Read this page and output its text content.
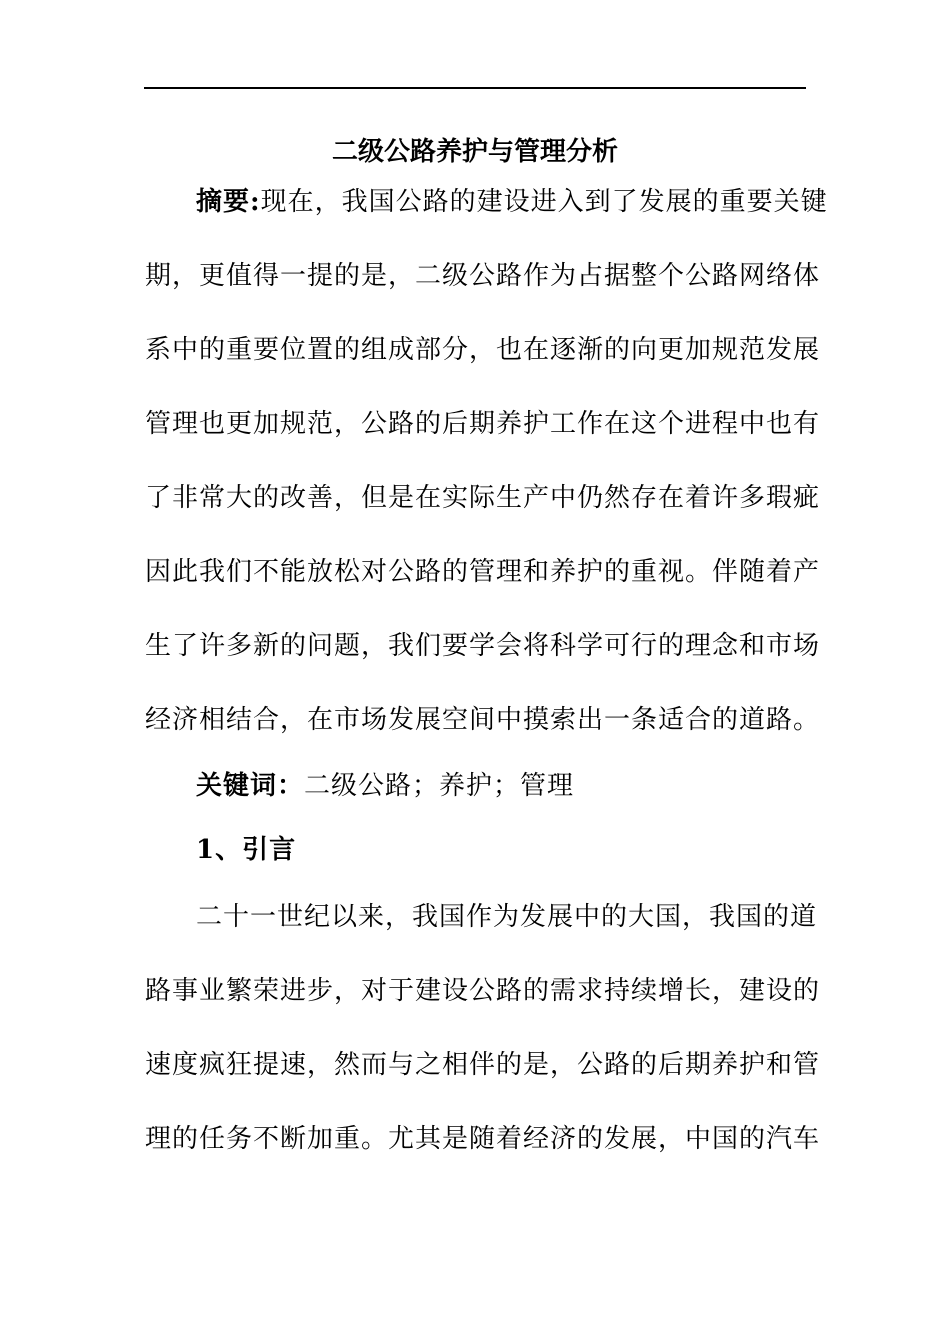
二级公路养护与管理分析
摘要:现在，我国公路的建设进入到了发展的重要关键
期，更值得一提的是，二级公路作为占据整个公路网络体
系中的重要位置的组成部分，也在逐渐的向更加规范发展
管理也更加规范，公路的后期养护工作在这个进程中也有
了非常大的改善，但是在实际生产中仍然存在着许多瑕疵
因此我们不能放松对公路的管理和养护的重视。伴随着产
生了许多新的问题，我们要学会将科学可行的理念和市场
经济相结合，在市场发展空间中摸索出一条适合的道路。
关键词：二级公路；养护；管理
1、引言
二十一世纪以来，我国作为发展中的大国，我国的道
路事业繁荣进步，对于建设公路的需求持续增长，建设的
速度疯狂提速，然而与之相伴的是，公路的后期养护和管
理的任务不断加重。尤其是随着经济的发展，中国的汽车
